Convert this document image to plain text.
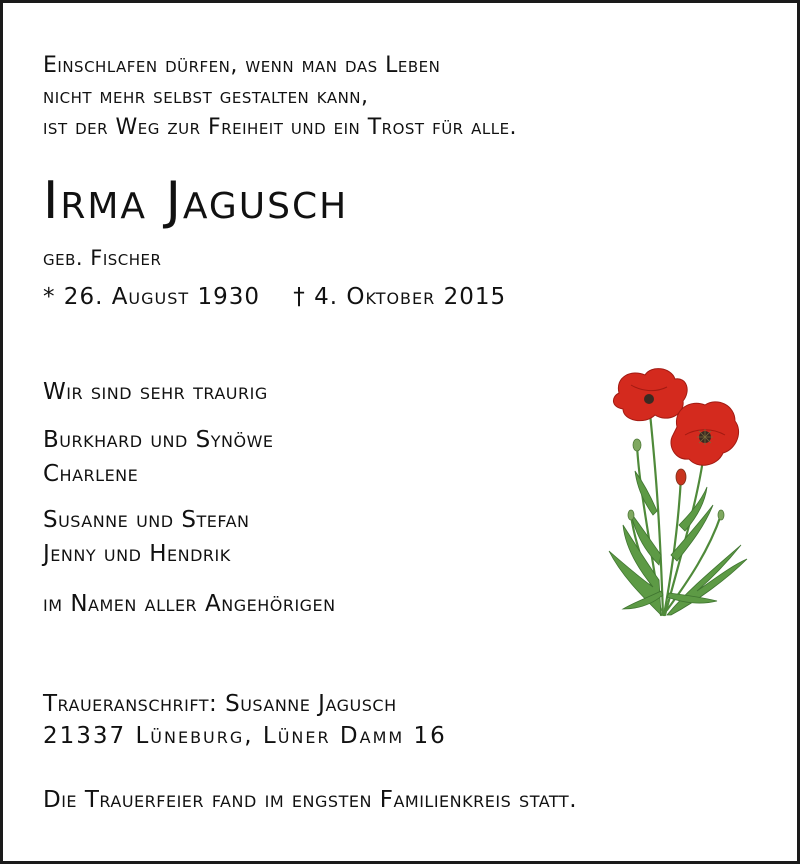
Einschlafen dürfen, wenn man das Leben

nicht mehr selbst gestalten kann,

ist der Weg zur Freiheit und ein Trost für alle.

Irma Jagusch

geb. Fischer

* 26. August 1930    † 4. Oktober 2015

Wir sind sehr traurig

Burkhard und Synöwe

Charlene

Susanne und Stefan

Jenny und Hendrik

im Namen aller Angehörigen

Traueranschrift: Susanne Jagusch

21337 Lüneburg, Lüner Damm 16

Die Trauerfeier fand im engsten Familienkreis statt.
